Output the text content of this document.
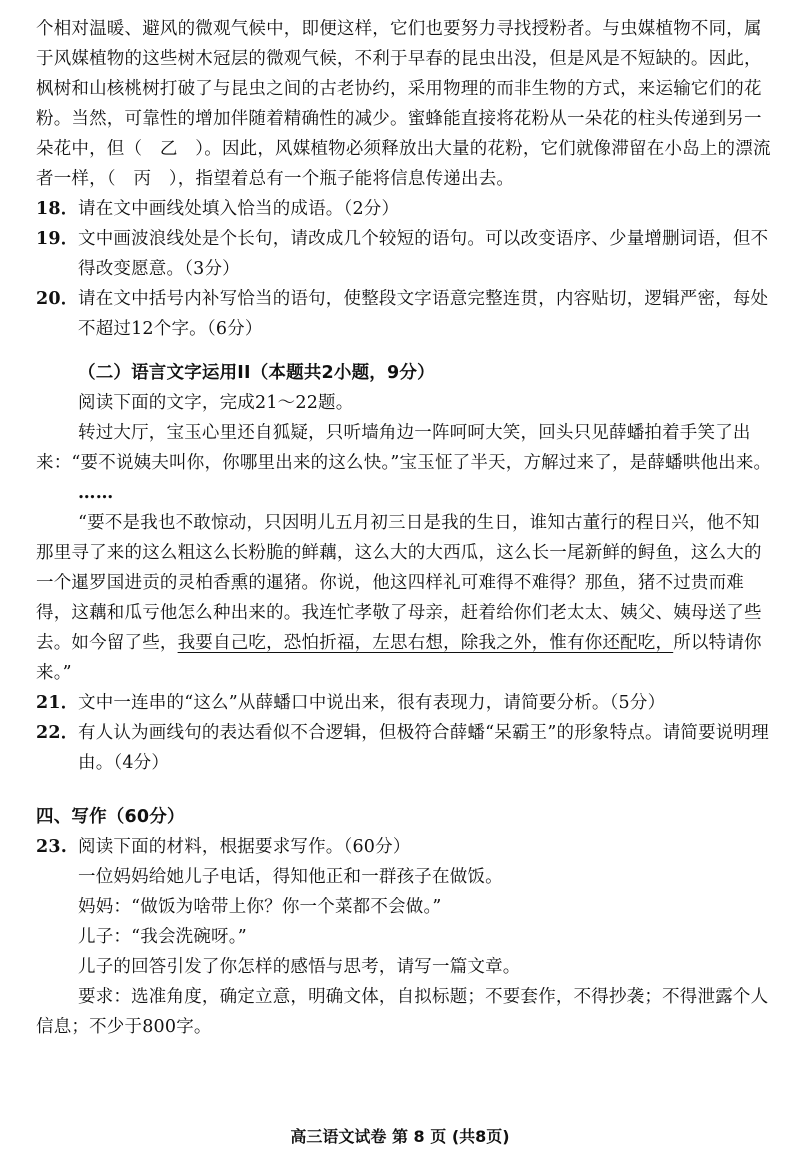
个相对温暖、避风的微观气候中，即便这样，它们也要努力寻找授粉者。与虫媒植物不同，属于风媒植物的这些树木冠层的微观气候，不利于早春的昆虫出没，但是风是不短缺的。因此，枫树和山核桃树打破了与昆虫之间的古老协约，采用物理的而非生物的方式，来运输它们的花粉。当然，可靠性的增加伴随着精确性的减少。蜜蜂能直接将花粉从一朵花的柱头传递到另一朵花中，但（　乙　）。因此，风媒植物必须释放出大量的花粉，它们就像滞留在小岛上的漂流者一样，（　丙　），指望着总有一个瓶子能将信息传递出去。

18． 请在文中画线处填入恰当的成语。（2分）
19． 文中画波浪线处是个长句，请改成几个较短的语句。可以改变语序、少量增删词语，但不得改变愿意。（3分）
20． 请在文中括号内补写恰当的语句，使整段文字语意完整连贯，内容贴切，逻辑严密，每处不超过12个字。（6分）

（二）语言文字运用II（本题共2小题，9分）

阅读下面的文字，完成21～22题。

转过大厅，宝玉心里还自狐疑，只听墙角边一阵呵呵大笑，回头只见薛蟠拍着手笑了出来：“要不说姨夫叫你，你哪里出来的这么快。”宝玉怔了半天，方解过来了，是薛蟠哄他出来。

……

“要不是我也不敢惊动，只因明儿五月初三日是我的生日，谁知古董行的程日兴，他不知那里寻了来的这么粗这么长粉脆的鲜藕，这么大的大西瓜，这么长一尾新鲜的鲟鱼，这么大的一个暹罗国进贡的灵柏香熏的暹猪。你说，他这四样礼可难得不难得？那鱼，猪不过贵而难得，这藕和瓜亏他怎么种出来的。我连忙孝敬了母亲，赶着给你们老太太、姨父、姨母送了些去。如今留了些，我要自己吃，恐怕折福，左思右想，除我之外，惟有你还配吃，所以特请你来。”

21． 文中一连串的“这么”从薛蟠口中说出来，很有表现力，请简要分析。（5分）
22． 有人认为画线句的表达看似不合逻辑，但极符合薛蟠“呆霸王”的形象特点。请简要说明理由。（4分）

四、写作（60分）

23. 阅读下面的材料，根据要求写作。（60分）

一位妈妈给她儿子电话，得知他正和一群孩子在做饭。

妈妈：“做饭为啥带上你？你一个菜都不会做。”

儿子：“我会洗碗呀。”

儿子的回答引发了你怎样的感悟与思考，请写一篇文章。

要求：选准角度，确定立意，明确文体，自拟标题；不要套作，不得抄袭；不得泄露个人信息；不少于800字。

高三语文试卷 第 8 页 (共8页)
